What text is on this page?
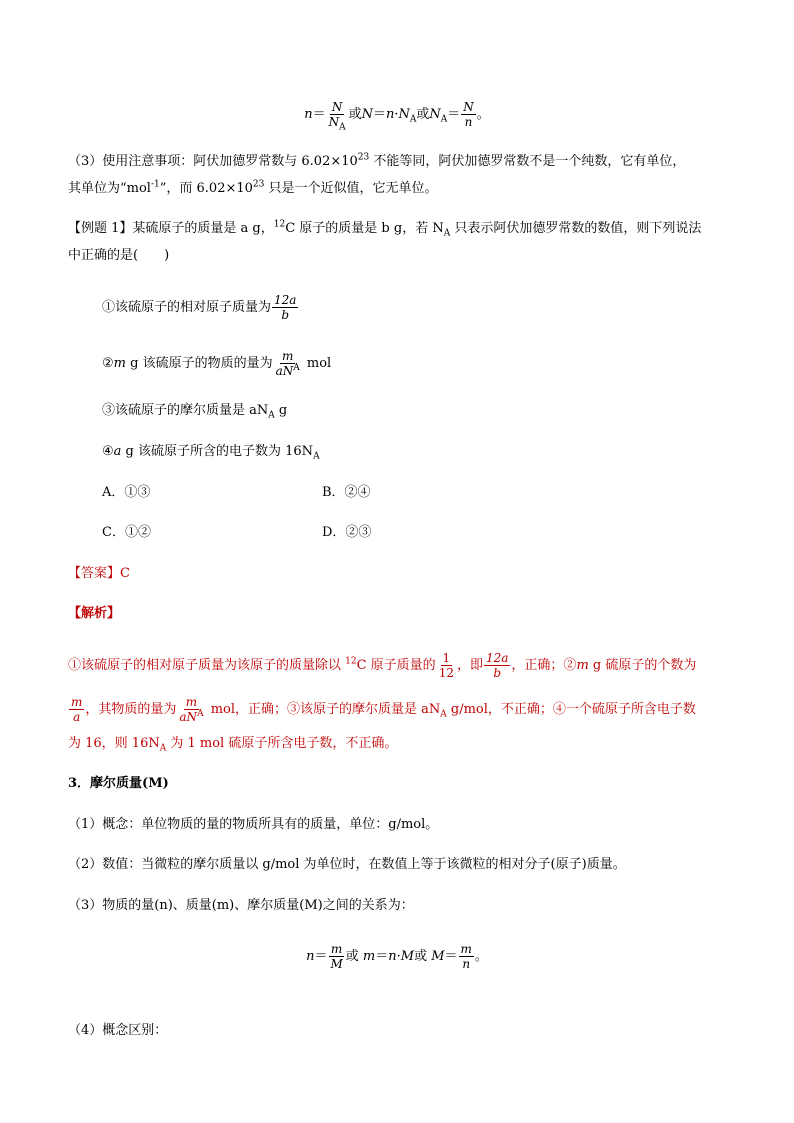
$n= \frac{N}{N_A}$ 或$N=n\cdot N_A$或$N_A= \frac{N}{n}$ 。
（3）使用注意事项：阿伏加德罗常数与 $6.02\times 10^{23}$ 不能等同，阿伏加德罗常数不是一个纯数，它有单位，
其单位为“mol$^{-1}$”，而 $6.02\times 10^{23}$ 只是一个近似值，它无单位。
【例题 1】某硫原子的质量是 a g，$^{12}$C 原子的质量是 b g，若 $N_A$ 只表示阿伏加德罗常数的数值，则下列说法
中正确的是(　　)
①该硫原子的相对原子质量为 $\frac{12a}{b}$
②m g 该硫原子的物质的量为 $\frac{m}{aN^A}$ mol
③该硫原子的摩尔质量是 $aN_A$ g
④a g 该硫原子所含的电子数为 $16N_A$
A．①③	B．②④
C．①②	D．②③
【答案】C
【解析】
①该硫原子的相对原子质量为该原子的质量除以 $^{12}$C 原子质量的 $\frac{1}{12}$ ，即 $\frac{12a}{b}$ ，正确；②m g 硫原子的个数为
$\frac{m}{a}$ ，其物质的量为 $\frac{m}{aN^A}$ mol，正确；③该原子的摩尔质量是 $aN_A$ g/mol，不正确；④一个硫原子所含电子数
为 16，则 $16N_A$ 为 1 mol 硫原子所含电子数，不正确。
3．摩尔质量(M)
（1）概念：单位物质的量的物质所具有的质量，单位：g/mol。
（2）数值：当微粒的摩尔质量以 g/mol 为单位时，在数值上等于该微粒的相对分子(原子)质量。
（3）物质的量(n)、质量(m)、摩尔质量(M)之间的关系为：
$n= \frac{m}{M}$ 或 m＝n·M或 $M= \frac{m}{n}$ 。
（4）概念区别：
